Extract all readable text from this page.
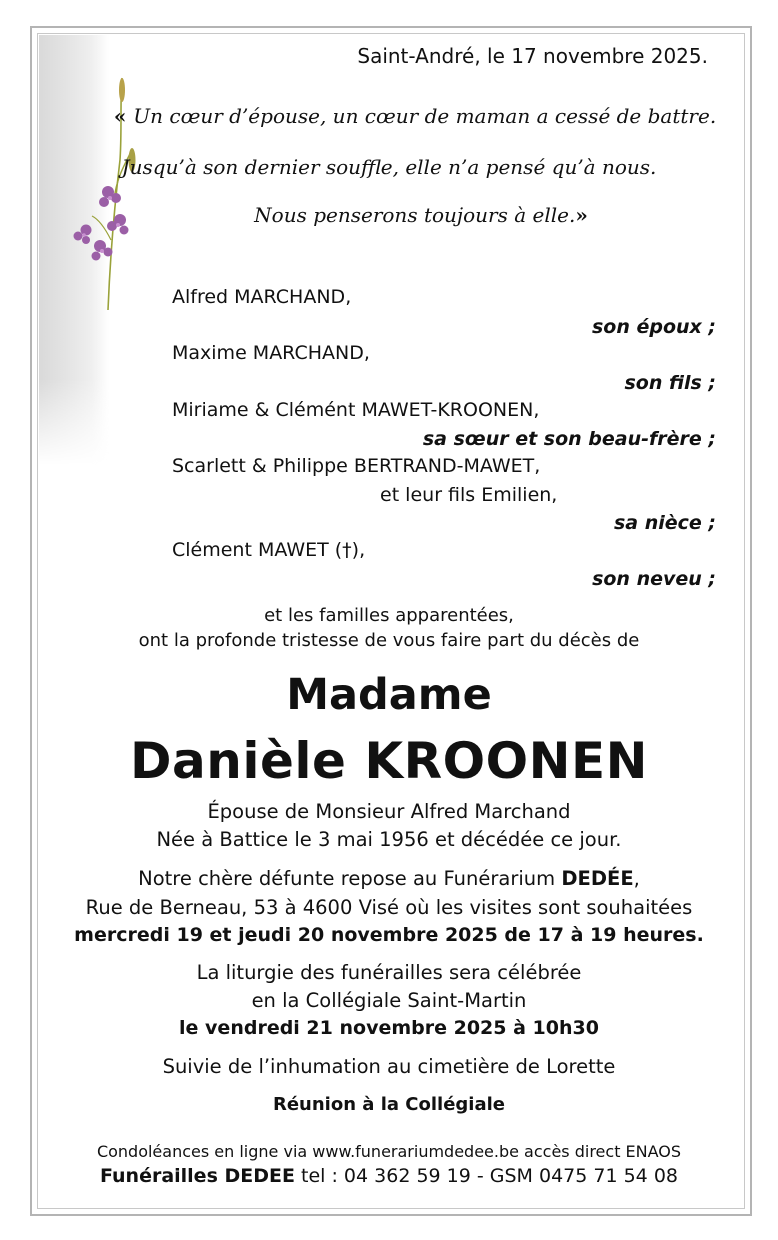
Saint-André, le 17 novembre 2025.
« Un cœur d’épouse, un cœur de maman a cessé de battre.
Jusqu’à son dernier souffle, elle n’a pensé qu’à nous.
Nous penserons toujours à elle.»
Alfred MARCHAND,
son époux ;
Maxime MARCHAND,
son fils ;
Miriame & Clémént MAWET-KROONEN,
sa sœur et son beau-frère ;
Scarlett & Philippe BERTRAND-MAWET,
et leur fils Emilien,
sa nièce ;
Clément MAWET (†),
son neveu ;
et les familles apparentées,
ont la profonde tristesse de vous faire part du décès de
Madame
Danièle KROONEN
Épouse de Monsieur Alfred Marchand
Née à Battice le 3 mai 1956 et décédée ce jour.
Notre chère défunte repose au Funérarium DEDÉE,
Rue de Berneau, 53 à 4600 Visé où les visites sont souhaitées
mercredi 19 et jeudi 20 novembre 2025 de 17 à 19 heures.
La liturgie des funérailles sera célébrée
en la Collégiale Saint-Martin
le vendredi 21 novembre 2025 à 10h30
Suivie de l’inhumation au cimetière de Lorette
Réunion à la Collégiale
Condoléances en ligne via www.funerariumdedee.be accès direct ENAOS
Funérailles DEDEE tel : 04 362 59 19 - GSM 0475 71 54 08
